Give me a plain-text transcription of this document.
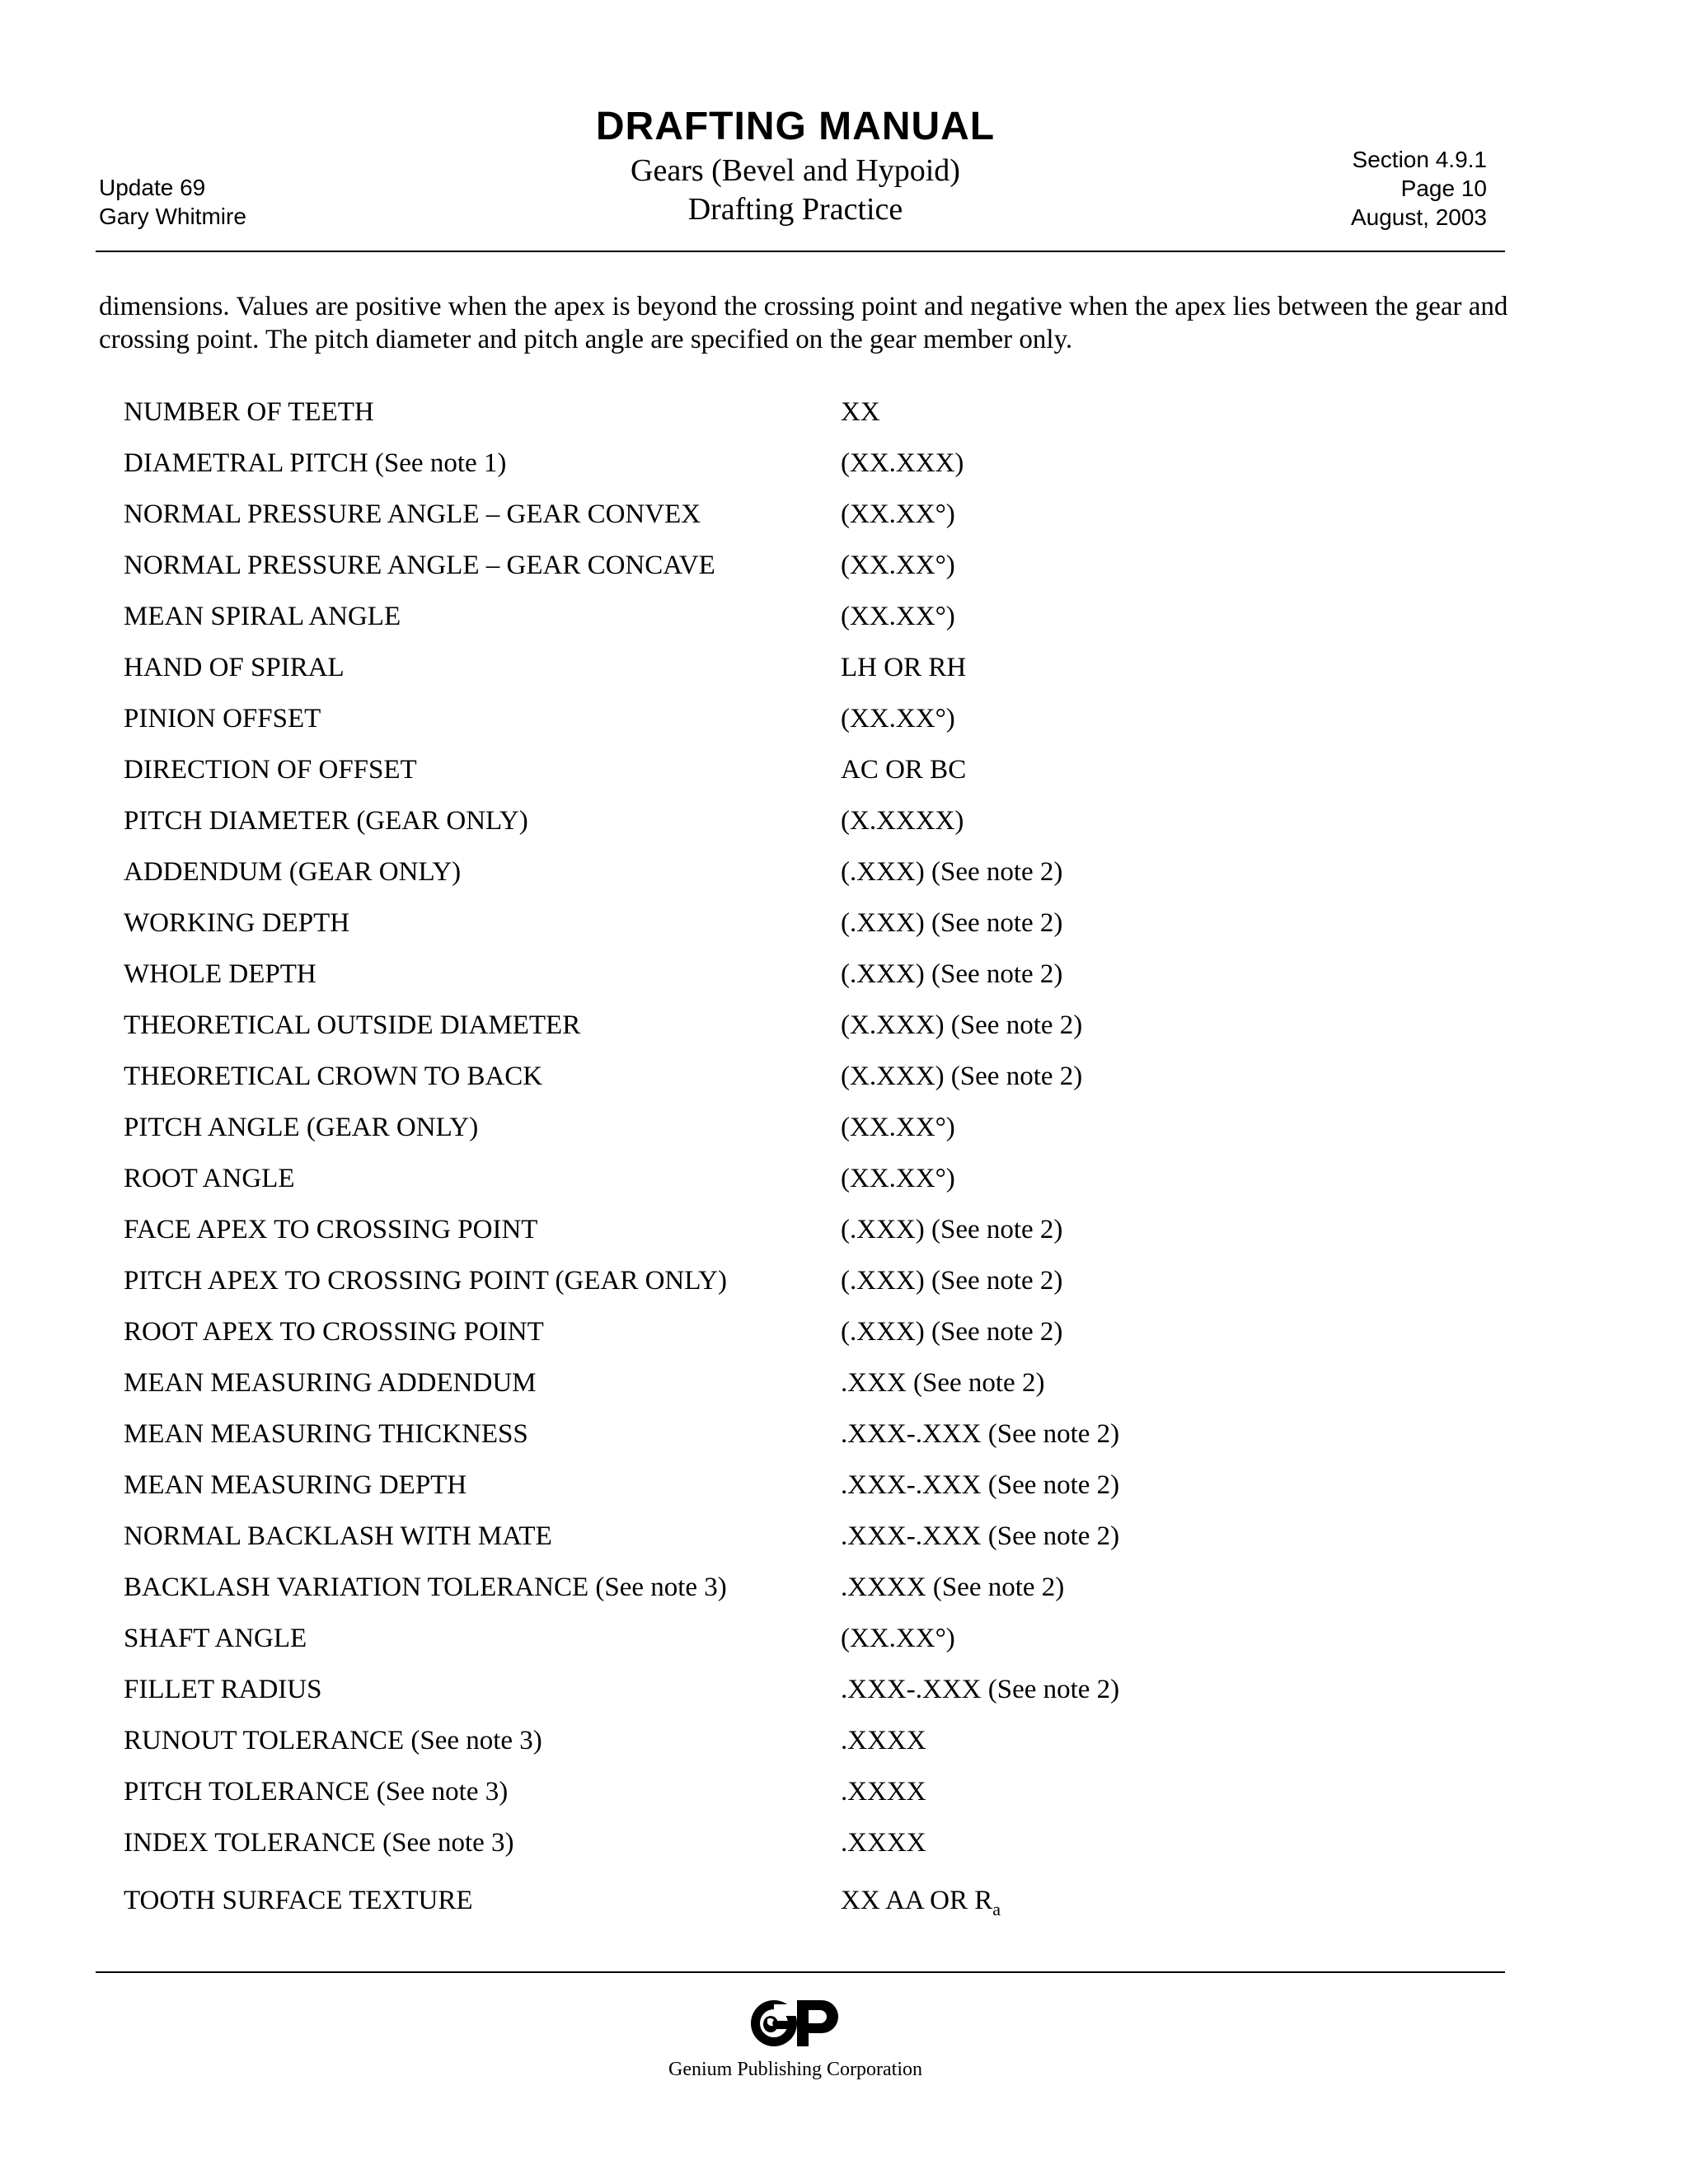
Update 69
Gary Whitmire
DRAFTING MANUAL
Gears (Bevel and Hypoid)
Drafting Practice
Section 4.9.1
Page 10
August, 2003

dimensions. Values are positive when the apex is beyond the crossing point and negative when the apex lies between the gear and crossing point. The pitch diameter and pitch angle are specified on the gear member only.

NUMBER OF TEETH	XX
DIAMETRAL PITCH (See note 1)	(XX.XXX)
NORMAL PRESSURE ANGLE – GEAR CONVEX	(XX.XX°)
NORMAL PRESSURE ANGLE – GEAR CONCAVE	(XX.XX°)
MEAN SPIRAL ANGLE	(XX.XX°)
HAND OF SPIRAL	LH OR RH
PINION OFFSET	(XX.XX°)
DIRECTION OF OFFSET	AC OR BC
PITCH DIAMETER (GEAR ONLY)	(X.XXXX)
ADDENDUM (GEAR ONLY)	(.XXX) (See note 2)
WORKING DEPTH	(.XXX) (See note 2)
WHOLE DEPTH	(.XXX) (See note 2)
THEORETICAL OUTSIDE DIAMETER	(X.XXX) (See note 2)
THEORETICAL CROWN TO BACK	(X.XXX) (See note 2)
PITCH ANGLE (GEAR ONLY)	(XX.XX°)
ROOT ANGLE	(XX.XX°)
FACE APEX TO CROSSING POINT	(.XXX) (See note 2)
PITCH APEX TO CROSSING POINT (GEAR ONLY)	(.XXX) (See note 2)
ROOT APEX TO CROSSING POINT	(.XXX) (See note 2)
MEAN MEASURING ADDENDUM	.XXX (See note 2)
MEAN MEASURING THICKNESS	.XXX-.XXX (See note 2)
MEAN MEASURING DEPTH	.XXX-.XXX (See note 2)
NORMAL BACKLASH WITH MATE	.XXX-.XXX (See note 2)
BACKLASH VARIATION TOLERANCE (See note 3)	.XXXX (See note 2)
SHAFT ANGLE	(XX.XX°)
FILLET RADIUS	.XXX-.XXX (See note 2)
RUNOUT TOLERANCE (See note 3)	.XXXX
PITCH TOLERANCE (See note 3)	.XXXX
INDEX TOLERANCE (See note 3)	.XXXX
TOOTH SURFACE TEXTURE	XX AA OR $R_a$
Genium Publishing Corporation
